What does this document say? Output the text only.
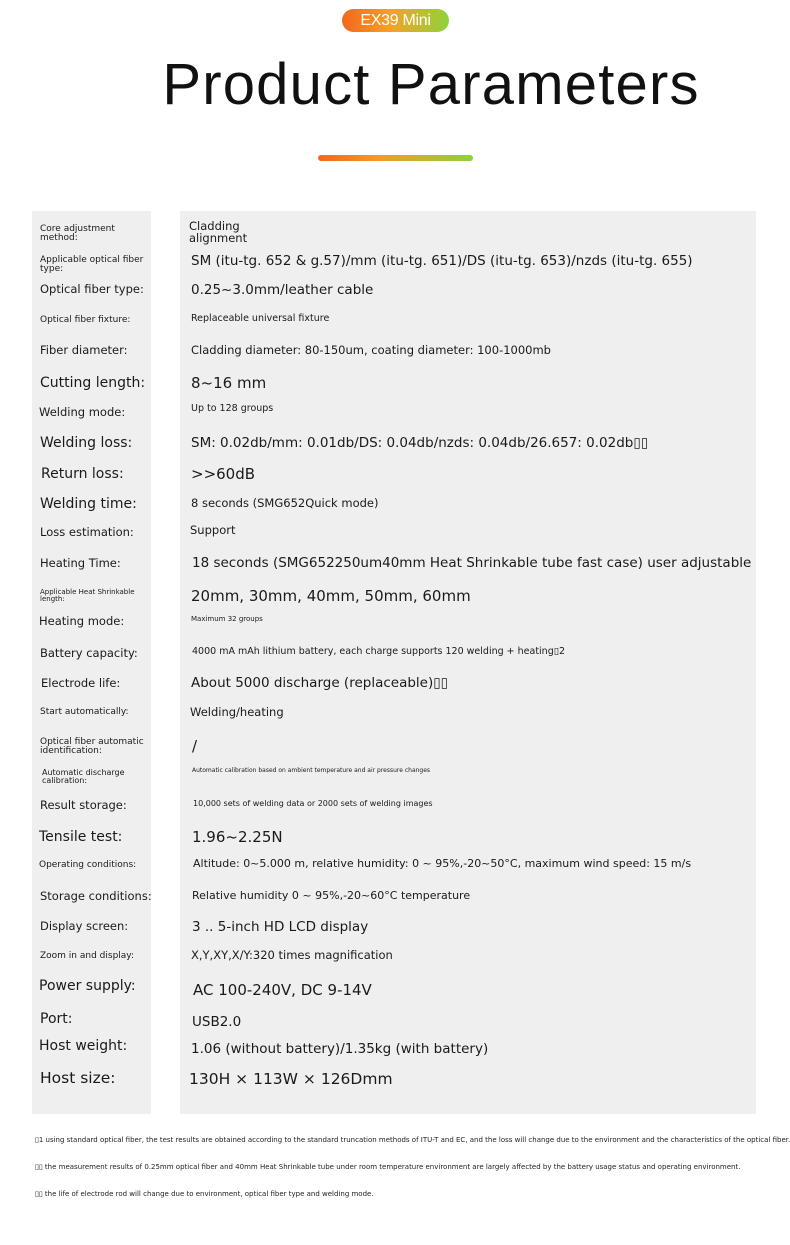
EX39 Mini
Product Parameters
Core adjustment method:
Cladding alignment
Applicable optical fiber type:	SM (itu-tg. 652 & g.57)/mm (itu-tg. 651)/DS (itu-tg. 653)/nzds (itu-tg. 655)
Optical fiber type:	0.25~3.0mm/leather cable
Optical fiber fixture:	Replaceable universal fixture
Fiber diameter:	Cladding diameter: 80-150um, coating diameter: 100-1000mb
Cutting length:	8~16 mm
Welding mode:	Up to 128 groups
Welding loss:	SM: 0.02db/mm: 0.01db/DS: 0.04db/nzds: 0.04db/26.657: 0.02db▯▯
Return loss:	>>60dB
Welding time:	8 seconds (SMG652Quick mode)
Loss estimation:	Support
Heating Time:	18 seconds (SMG652250um40mm Heat Shrinkable tube fast case) user adjustable
Applicable Heat Shrinkable length:	20mm, 30mm, 40mm, 50mm, 60mm
Heating mode:	Maximum 32 groups
Battery capacity:	4000 mA mAh lithium battery, each charge supports 120 welding + heating▯2
Electrode life:	About 5000 discharge (replaceable)▯▯
Start automatically:	Welding/heating
Optical fiber automatic identification:	/
Automatic discharge calibration:
Automatic calibration based on ambient temperature and air pressure changes
Result storage:	10,000 sets of welding data or 2000 sets of welding images
Tensile test:	1.96~2.25N
Operating conditions:	Altitude: 0~5.000 m, relative humidity: 0 ~ 95%,-20~50°C, maximum wind speed: 15 m/s
Storage conditions:	Relative humidity 0 ~ 95%,-20~60°C temperature
Display screen:	3 .. 5-inch HD LCD display
Zoom in and display:	X,Y,XY,X/Y:320 times magnification
Power supply:	AC 100-240V, DC 9-14V
Port:	USB2.0
Host weight:	1.06 (without battery)/1.35kg (with battery)
Host size:	130H × 113W × 126Dmm
▯1 using standard optical fiber, the test results are obtained according to the standard truncation methods of ITU-T and EC, and the loss will change due to the environment and the characteristics of the optical fiber.
▯▯ the measurement results of 0.25mm optical fiber and 40mm Heat Shrinkable tube under room temperature environment are largely affected by the battery usage status and operating environment.
▯▯ the life of electrode rod will change due to environment, optical fiber type and welding mode.
